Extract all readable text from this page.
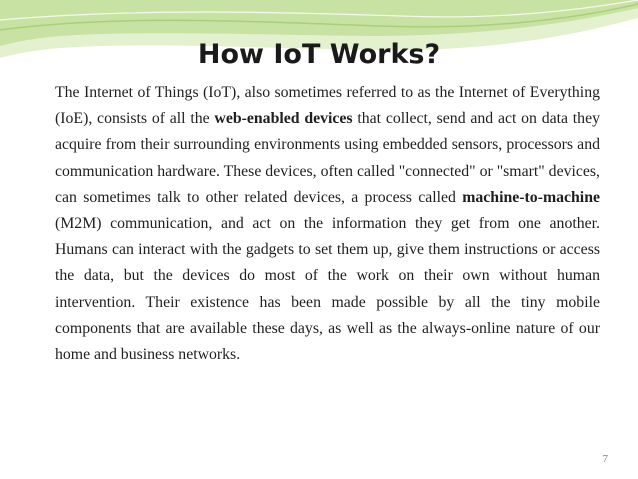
How IoT Works?

The Internet of Things (IoT), also sometimes referred to as the Internet of Everything (IoE), consists of all the web-enabled devices that collect, send and act on data they acquire from their surrounding environments using embedded sensors, processors and communication hardware. These devices, often called "connected" or "smart" devices, can sometimes talk to other related devices, a process called machine-to-machine (M2M) communication, and act on the information they get from one another. Humans can interact with the gadgets to set them up, give them instructions or access the data, but the devices do most of the work on their own without human intervention. Their existence has been made possible by all the tiny mobile components that are available these days, as well as the always-online nature of our home and business networks.

7
